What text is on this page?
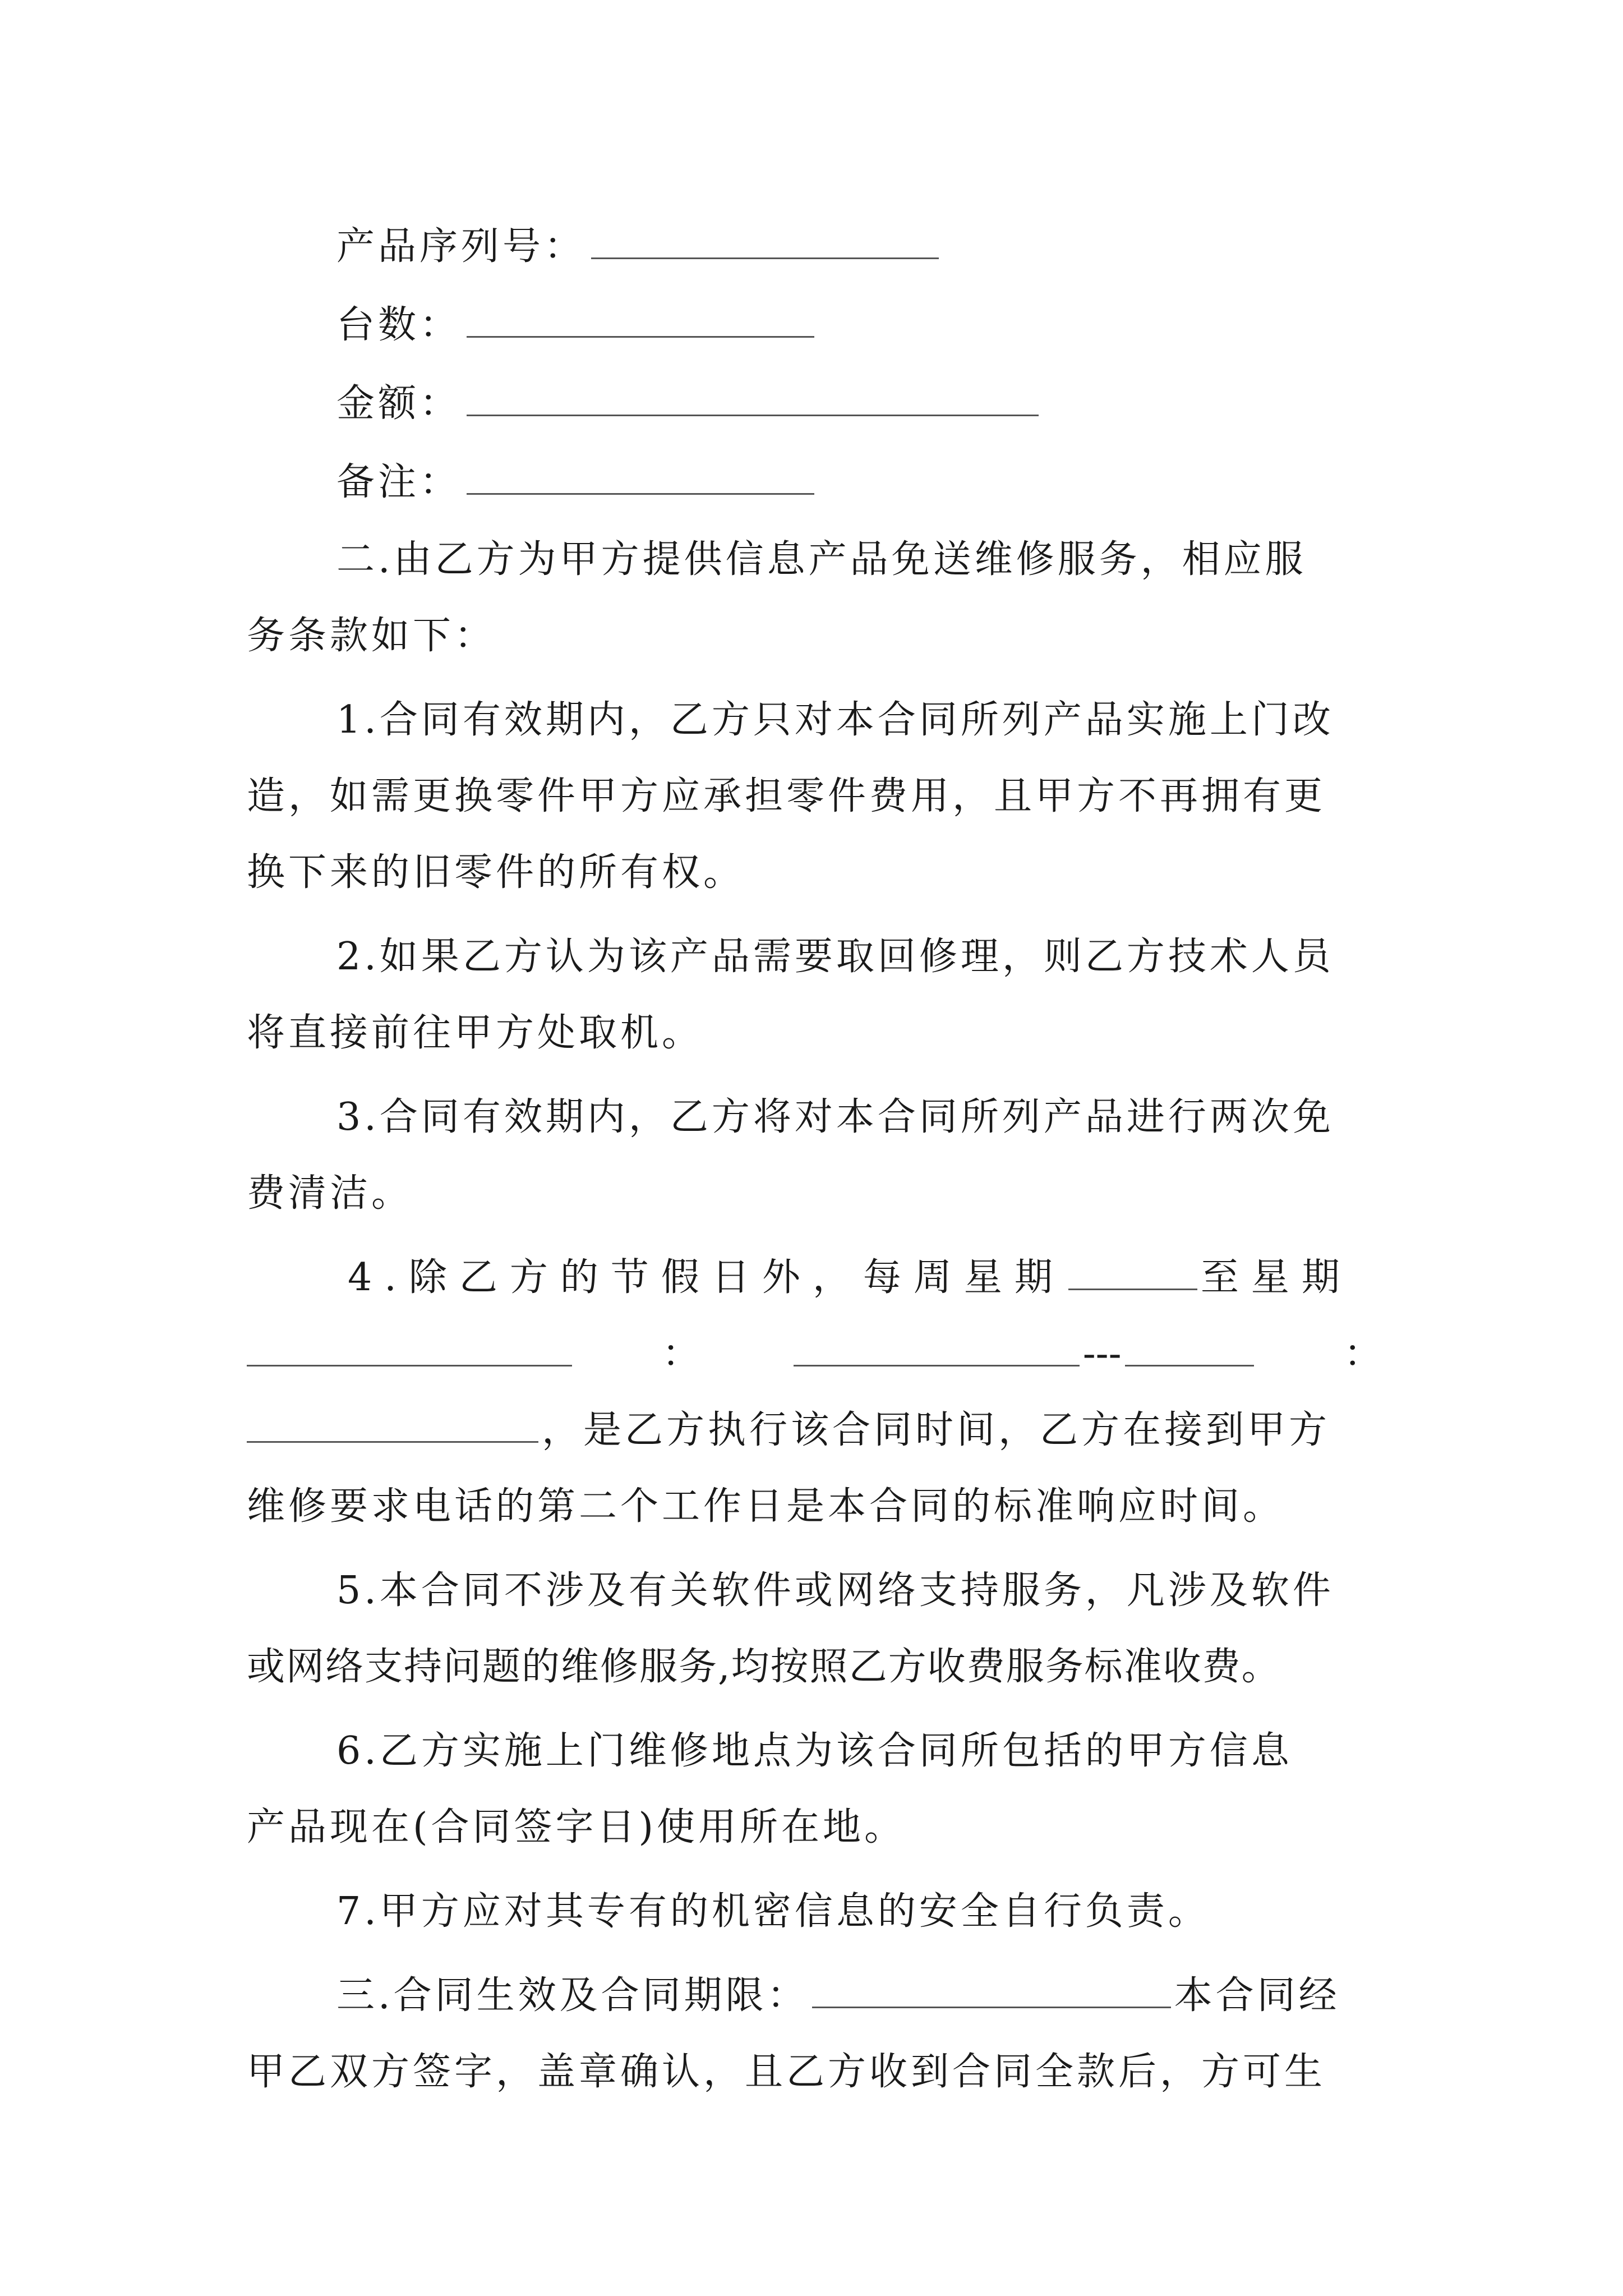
产品序列号：
台数：
金额：
备注：
二.由乙方为甲方提供信息产品免送维修服务，相应服
务条款如下：
1.合同有效期内，乙方只对本合同所列产品实施上门改
造，如需更换零件甲方应承担零件费用，且甲方不再拥有更
换下来的旧零件的所有权。
2.如果乙方认为该产品需要取回修理，则乙方技术人员
将直接前往甲方处取机。
3.合同有效期内，乙方将对本合同所列产品进行两次免
费清洁。
4.除乙方的节假日外，每周星期	至星期
：	---	：
，是乙方执行该合同时间，乙方在接到甲方
维修要求电话的第二个工作日是本合同的标准响应时间。
5.本合同不涉及有关软件或网络支持服务，凡涉及软件
或网络支持问题的维修服务,均按照乙方收费服务标准收费。
6.乙方实施上门维修地点为该合同所包括的甲方信息
产品现在(合同签字日)使用所在地。
7.甲方应对其专有的机密信息的安全自行负责。
三.合同生效及合同期限：	本合同经
甲乙双方签字，盖章确认，且乙方收到合同全款后，方可生
